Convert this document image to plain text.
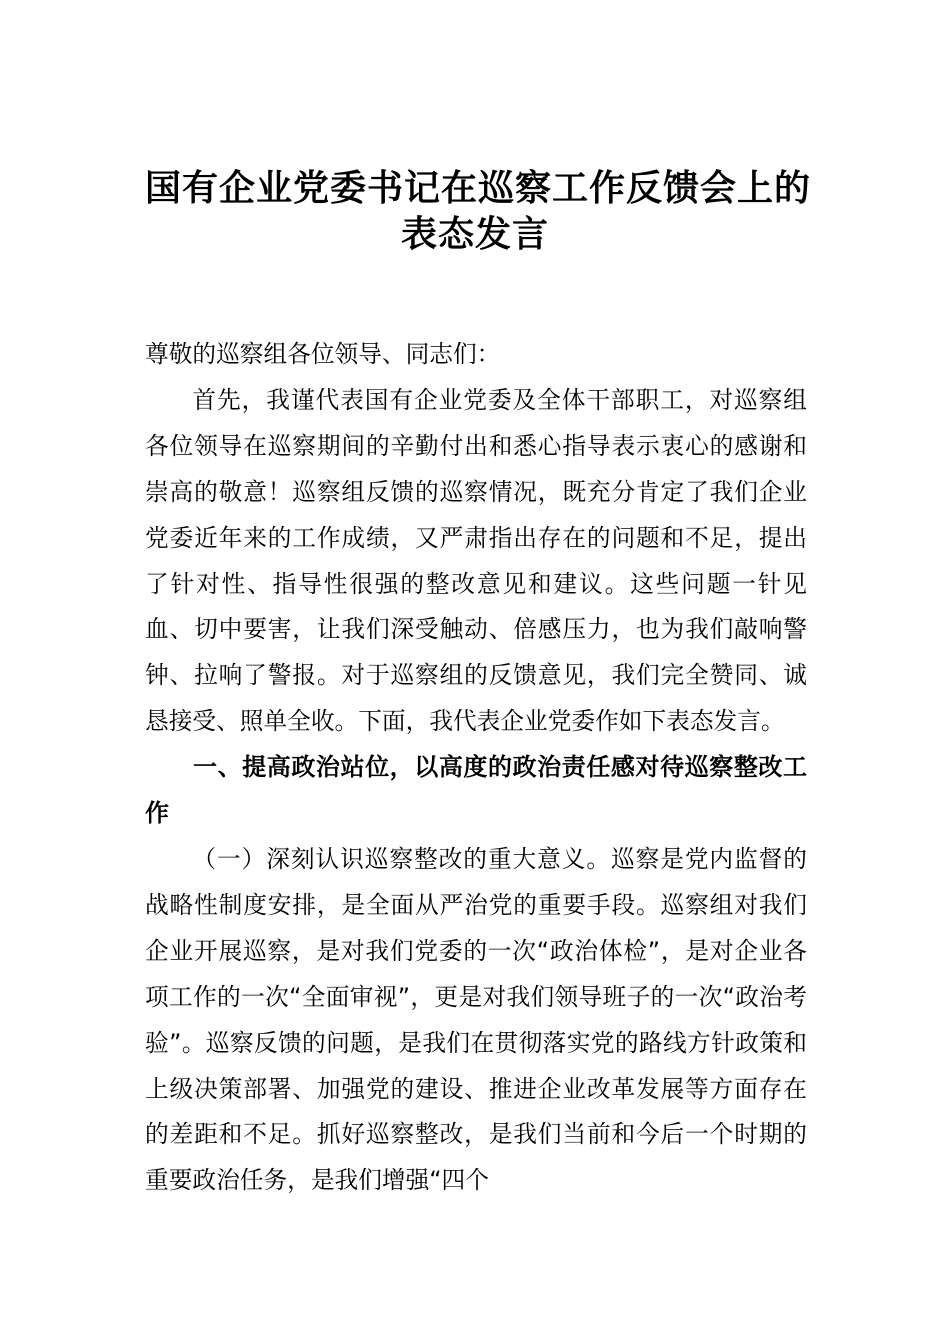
国有企业党委书记在巡察工作反馈会上的
表态发言

尊敬的巡察组各位领导、同志们：

首先，我谨代表国有企业党委及全体干部职工，对巡察组各位领导在巡察期间的辛勤付出和悉心指导表示衷心的感谢和崇高的敬意！巡察组反馈的巡察情况，既充分肯定了我们企业党委近年来的工作成绩，又严肃指出存在的问题和不足，提出了针对性、指导性很强的整改意见和建议。这些问题一针见血、切中要害，让我们深受触动、倍感压力，也为我们敲响警钟、拉响了警报。对于巡察组的反馈意见，我们完全赞同、诚恳接受、照单全收。下面，我代表企业党委作如下表态发言。

一、提高政治站位，以高度的政治责任感对待巡察整改工作

（一）深刻认识巡察整改的重大意义。巡察是党内监督的战略性制度安排，是全面从严治党的重要手段。巡察组对我们企业开展巡察，是对我们党委的一次“政治体检”，是对企业各项工作的一次“全面审视”，更是对我们领导班子的一次“政治考验”。巡察反馈的问题，是我们在贯彻落实党的路线方针政策和上级决策部署、加强党的建设、推进企业改革发展等方面存在的差距和不足。抓好巡察整改，是我们当前和今后一个时期的重要政治任务，是我们增强“四个
